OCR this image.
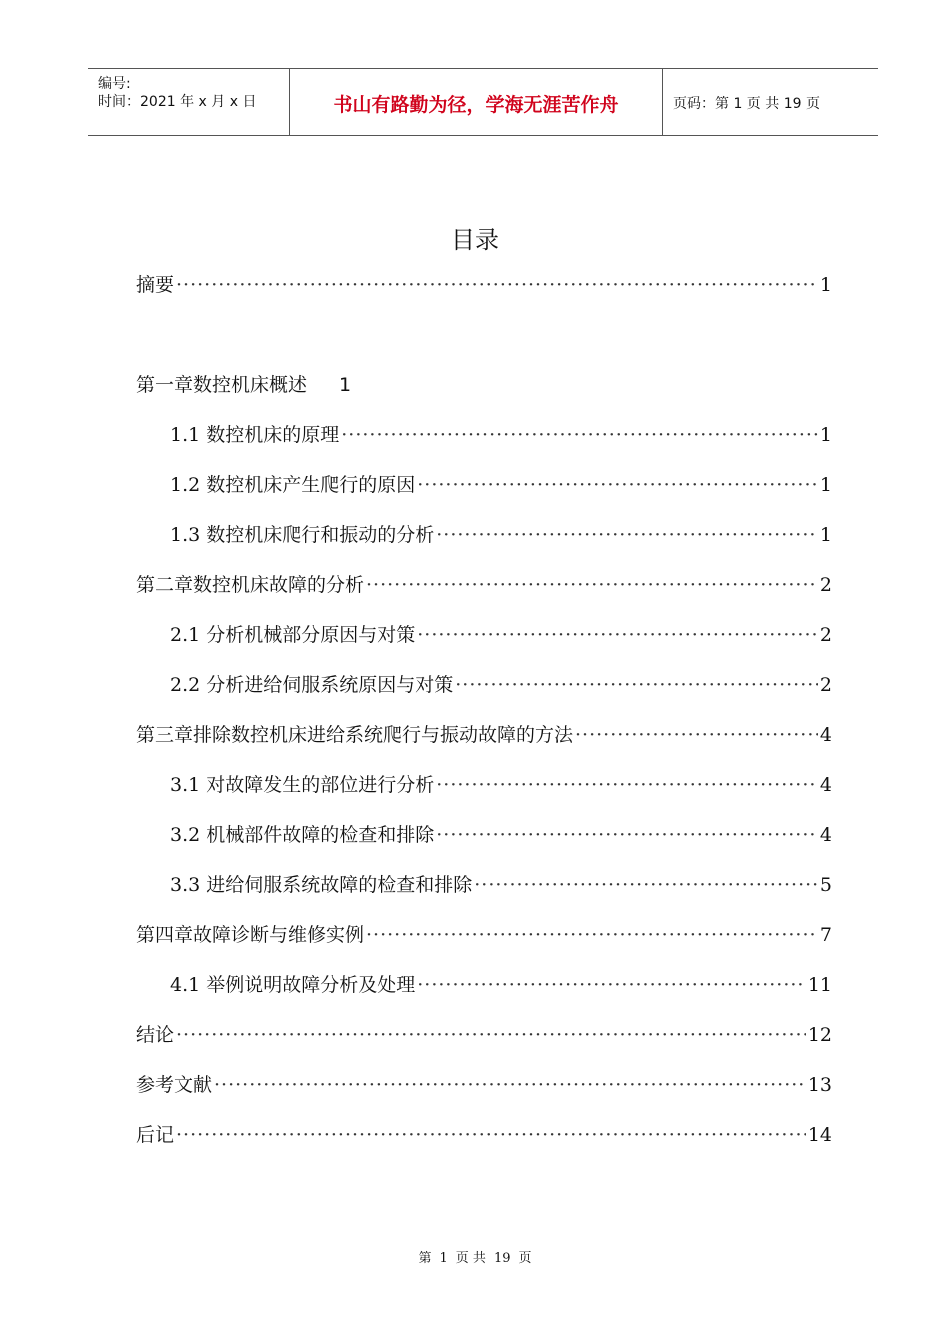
编号:
时间：2021 年 x 月 x 日	书山有路勤为径，学海无涯苦作舟	页码：第 1 页 共 19 页
目录
摘要 ·····	1
第一章数控机床概述 1
1.1 数控机床的原理 ·····	1
1.2 数控机床产生爬行的原因 ·····	1
1.3 数控机床爬行和振动的分析 ·····	1
第二章数控机床故障的分析 ·····	2
2.1 分析机械部分原因与对策 ·····	2
2.2 分析进给伺服系统原因与对策 ·····	2
第三章排除数控机床进给系统爬行与振动故障的方法 ·····	4
3.1 对故障发生的部位进行分析 ·····	4
3.2 机械部件故障的检查和排除 ·····	4
3.3 进给伺服系统故障的检查和排除 ·····	5
第四章故障诊断与维修实例 ·····	7
4.1 举例说明故障分析及处理 ·····	11
结论 ·····	12
参考文献 ·····	13
后记 ·····	14
第 1 页 共 19 页
